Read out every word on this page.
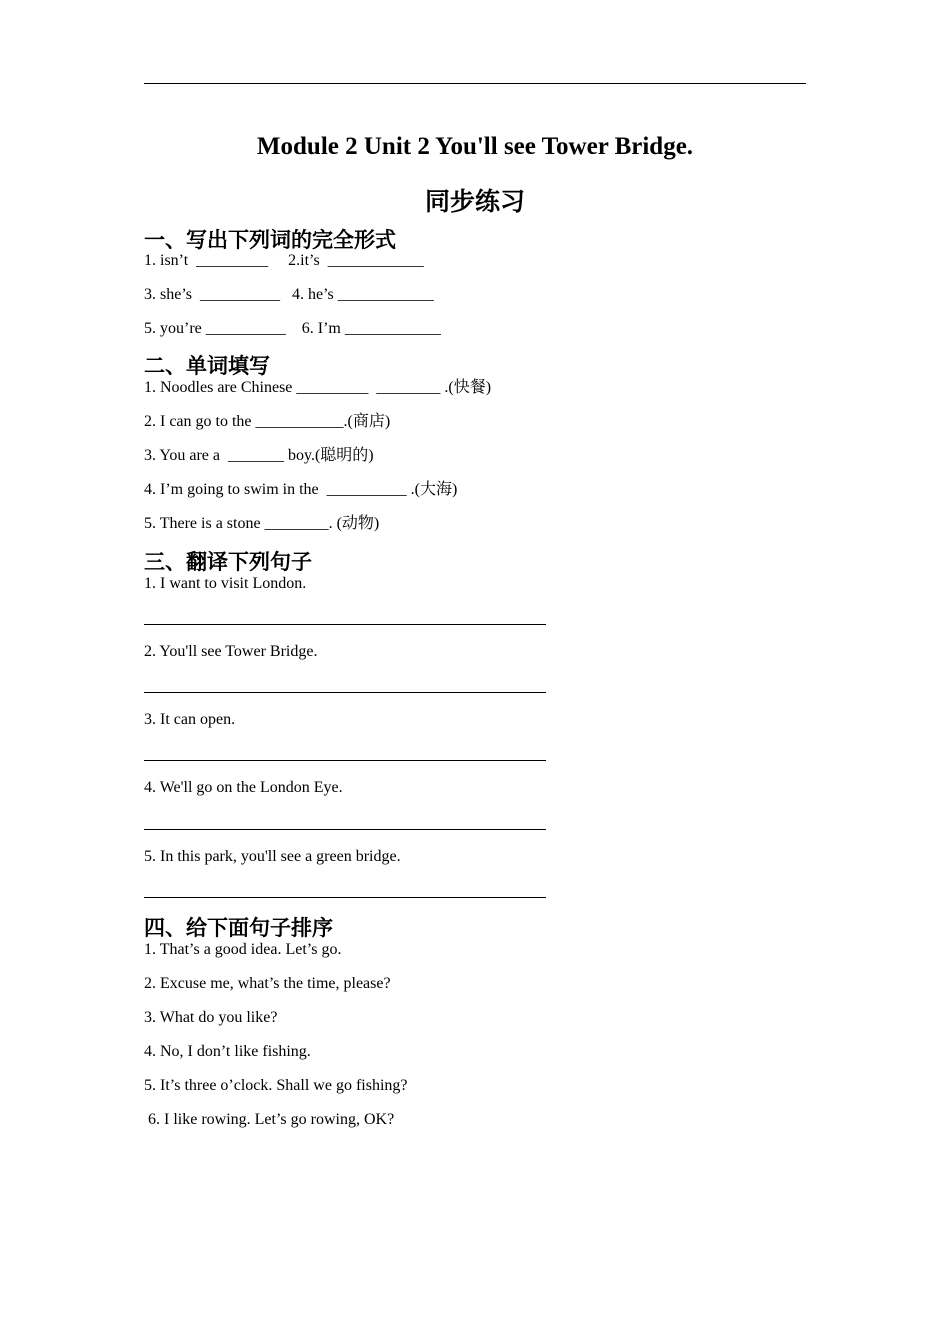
Module 2 Unit 2 You'll see Tower Bridge.
同步练习
一、写出下列词的完全形式
1. isn’t  _________     2.it’s  ____________
3. she’s  __________   4. he’s ____________
5. you’re __________    6. I’m ____________
二、单词填写
1. Noodles are Chinese _________  ________ .(快餐)
2. I can go to the ___________.(商店)
3. You are a  _______ boy.(聪明的)
4. I’m going to swim in the  __________ .(大海)
5. There is a stone ________. (动物)
三、翻译下列句子
1. I want to visit London.
2. You'll see Tower Bridge.
3. It can open.
4. We'll go on the London Eye.
5. In this park, you'll see a green bridge.
四、给下面句子排序
1. That’s a good idea. Let’s go.
2. Excuse me, what’s the time, please?
3. What do you like?
4. No, I don’t like fishing.
5. It’s three o’clock. Shall we go fishing?
6. I like rowing. Let’s go rowing, OK?
